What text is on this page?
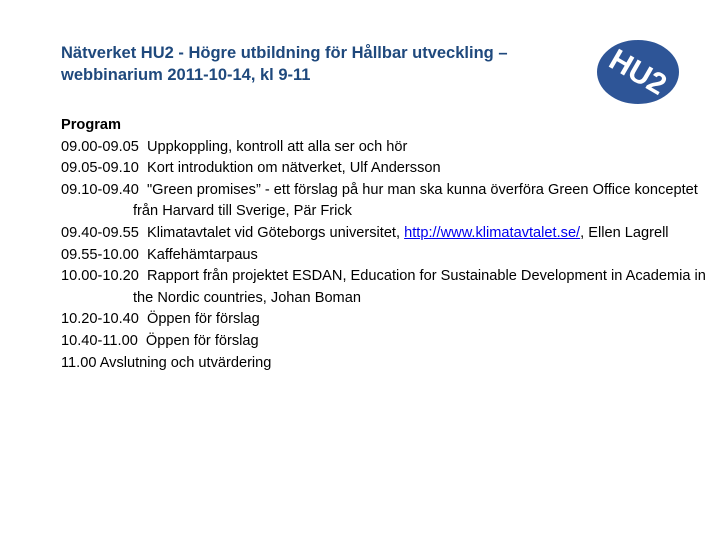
Nätverket HU2 - Högre utbildning för Hållbar utveckling –
webbinarium 2011-10-14, kl 9-11	HU2
Program
09.00-09.05 Uppkoppling, kontroll att alla ser och hör
09.05-09.10 Kort introduktion om nätverket, Ulf Andersson
09.10-09.40 "Green promises” - ett förslag på hur man ska kunna överföra Green Office konceptet från Harvard till Sverige, Pär Frick
09.40-09.55 Klimatavtalet vid Göteborgs universitet, http://www.klimatavtalet.se/, Ellen Lagrell
09.55-10.00 Kaffehämtarpaus
10.00-10.20 Rapport från projektet ESDAN, Education for Sustainable Development in Academia in the Nordic countries, Johan Boman
10.20-10.40 Öppen för förslag
10.40-11.00 Öppen för förslag
11.00 Avslutning och utvärdering
